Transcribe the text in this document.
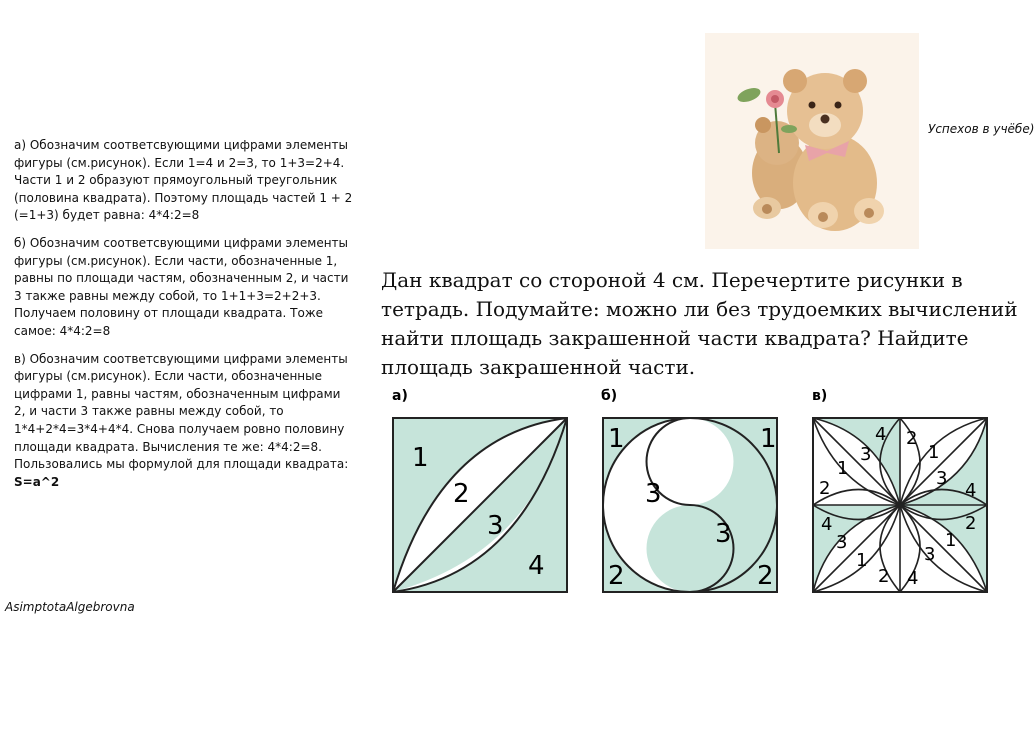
а) Обозначим соответсвующими цифрами элементы фигуры (см.рисунок). Если 1=4 и 2=3, то 1+3=2+4. Части 1 и 2 образуют прямоугольный треугольник (половина квадрата). Поэтому площадь частей 1 + 2 (=1+3) будет равна: 4*4:2=8

б) Обозначим соответсвующими цифрами элементы фигуры (см.рисунок). Если части, обозначенные 1, равны по площади частям, обозначенным 2, и части 3 также равны между собой, то 1+1+3=2+2+3. Получаем половину от площади квадрата. Тоже самое: 4*4:2=8

в) Обозначим соответсвующими цифрами элементы фигуры (см.рисунок). Если части, обозначенные цифрами 1, равны частям, обозначенным цифрами 2, и части 3 также равны между собой, то 1*4+2*4=3*4+4*4. Снова получаем ровно половину площади квадрата. Вычисления те же: 4*4:2=8. Пользовались мы формулой для площади квадрата: S=a^2

AsimptotaAlgebrovna
Успехов в учёбе)
Дан квадрат со стороной 4 см. Перечертите рисунки в тетрадь. Подумайте: можно ли без трудоемких вычислений найти площадь закрашенной части квадрата? Найдите площадь закрашенной части.
а)
1
2
3
4
б)
1	1
3
3
2	2
в)
4 2
3
1
1
3
2	4
4	2
3	1
1	3
2 4
